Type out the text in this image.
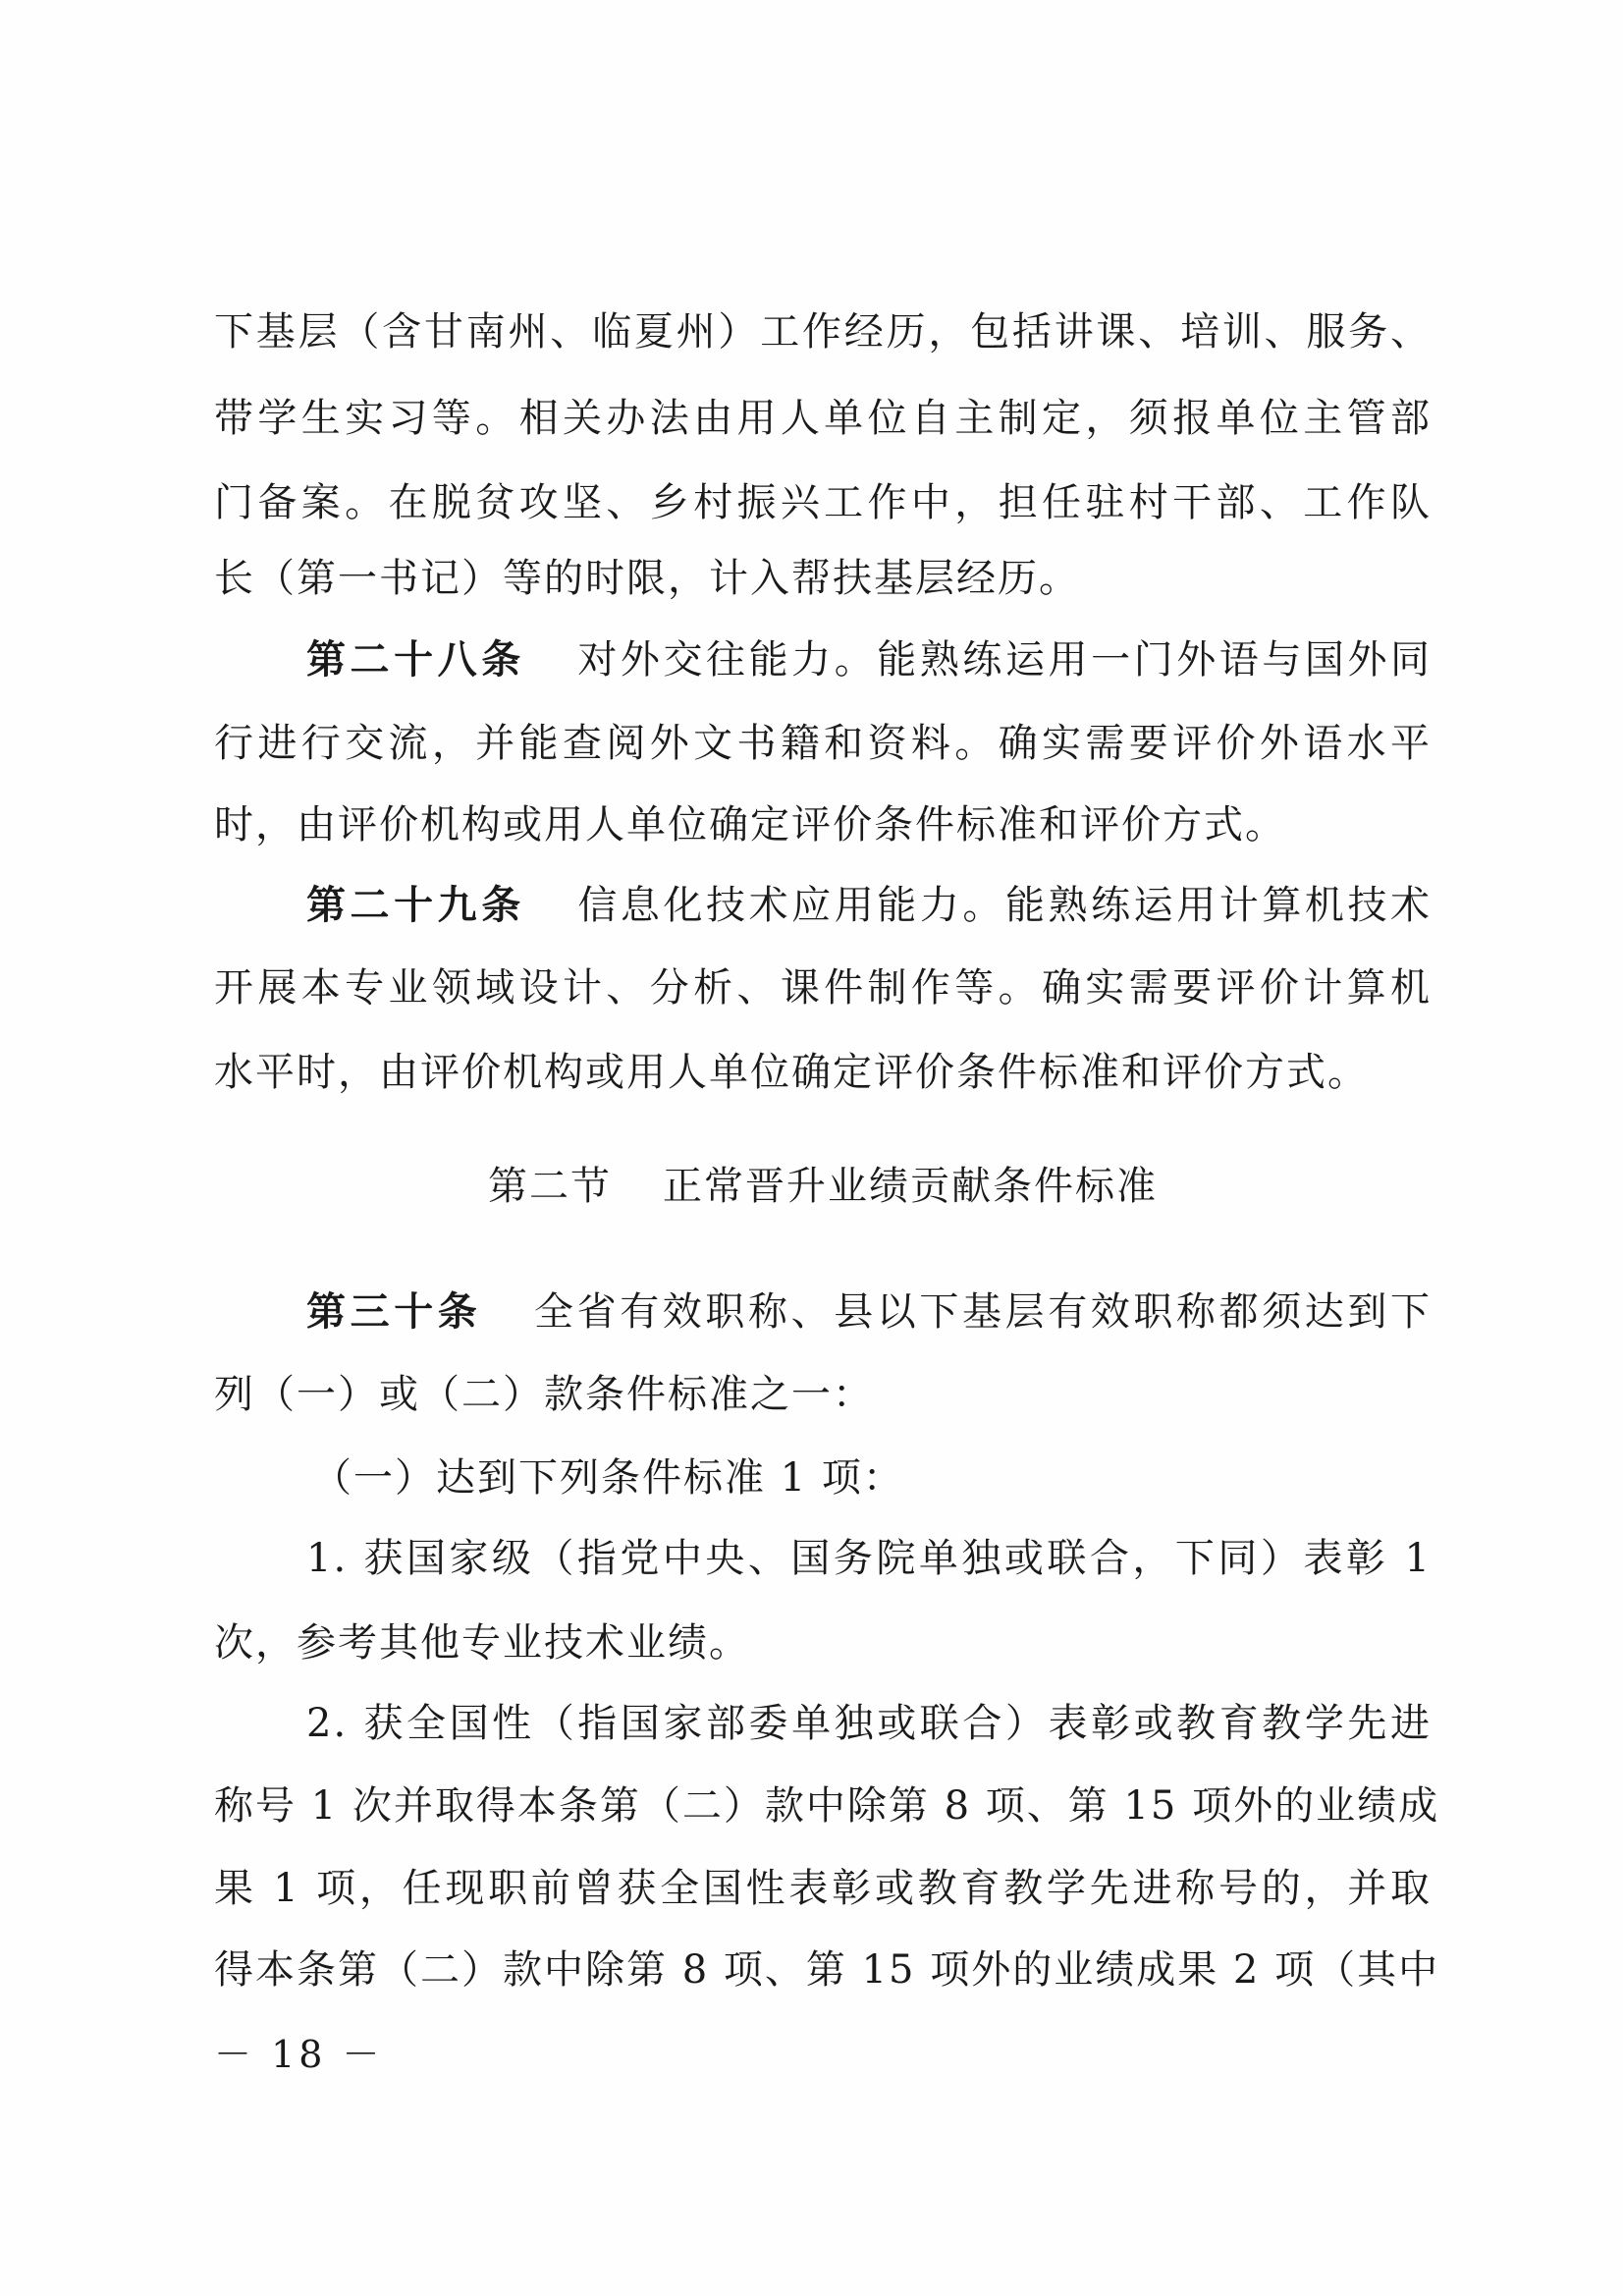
下基层（含甘南州、临夏州）工作经历，包括讲课、培训、服务、
带学生实习等。相关办法由用人单位自主制定，须报单位主管部
门备案。在脱贫攻坚、乡村振兴工作中，担任驻村干部、工作队
长（第一书记）等的时限，计入帮扶基层经历。
第二十八条 对外交往能力。能熟练运用一门外语与国外同
行进行交流，并能查阅外文书籍和资料。确实需要评价外语水平
时，由评价机构或用人单位确定评价条件标准和评价方式。
第二十九条 信息化技术应用能力。能熟练运用计算机技术
开展本专业领域设计、分析、课件制作等。确实需要评价计算机
水平时，由评价机构或用人单位确定评价条件标准和评价方式。
第二节 正常晋升业绩贡献条件标准
第三十条 全省有效职称、县以下基层有效职称都须达到下
列（一）或（二）款条件标准之一：
（一）达到下列条件标准 1 项：
1. 获国家级（指党中央、国务院单独或联合，下同）表彰 1
次，参考其他专业技术业绩。
2. 获全国性（指国家部委单独或联合）表彰或教育教学先进
称号 1 次并取得本条第（二）款中除第 8 项、第 15 项外的业绩成
果 1 项，任现职前曾获全国性表彰或教育教学先进称号的，并取
得本条第（二）款中除第 8 项、第 15 项外的业绩成果 2 项（其中
－ 18 －
